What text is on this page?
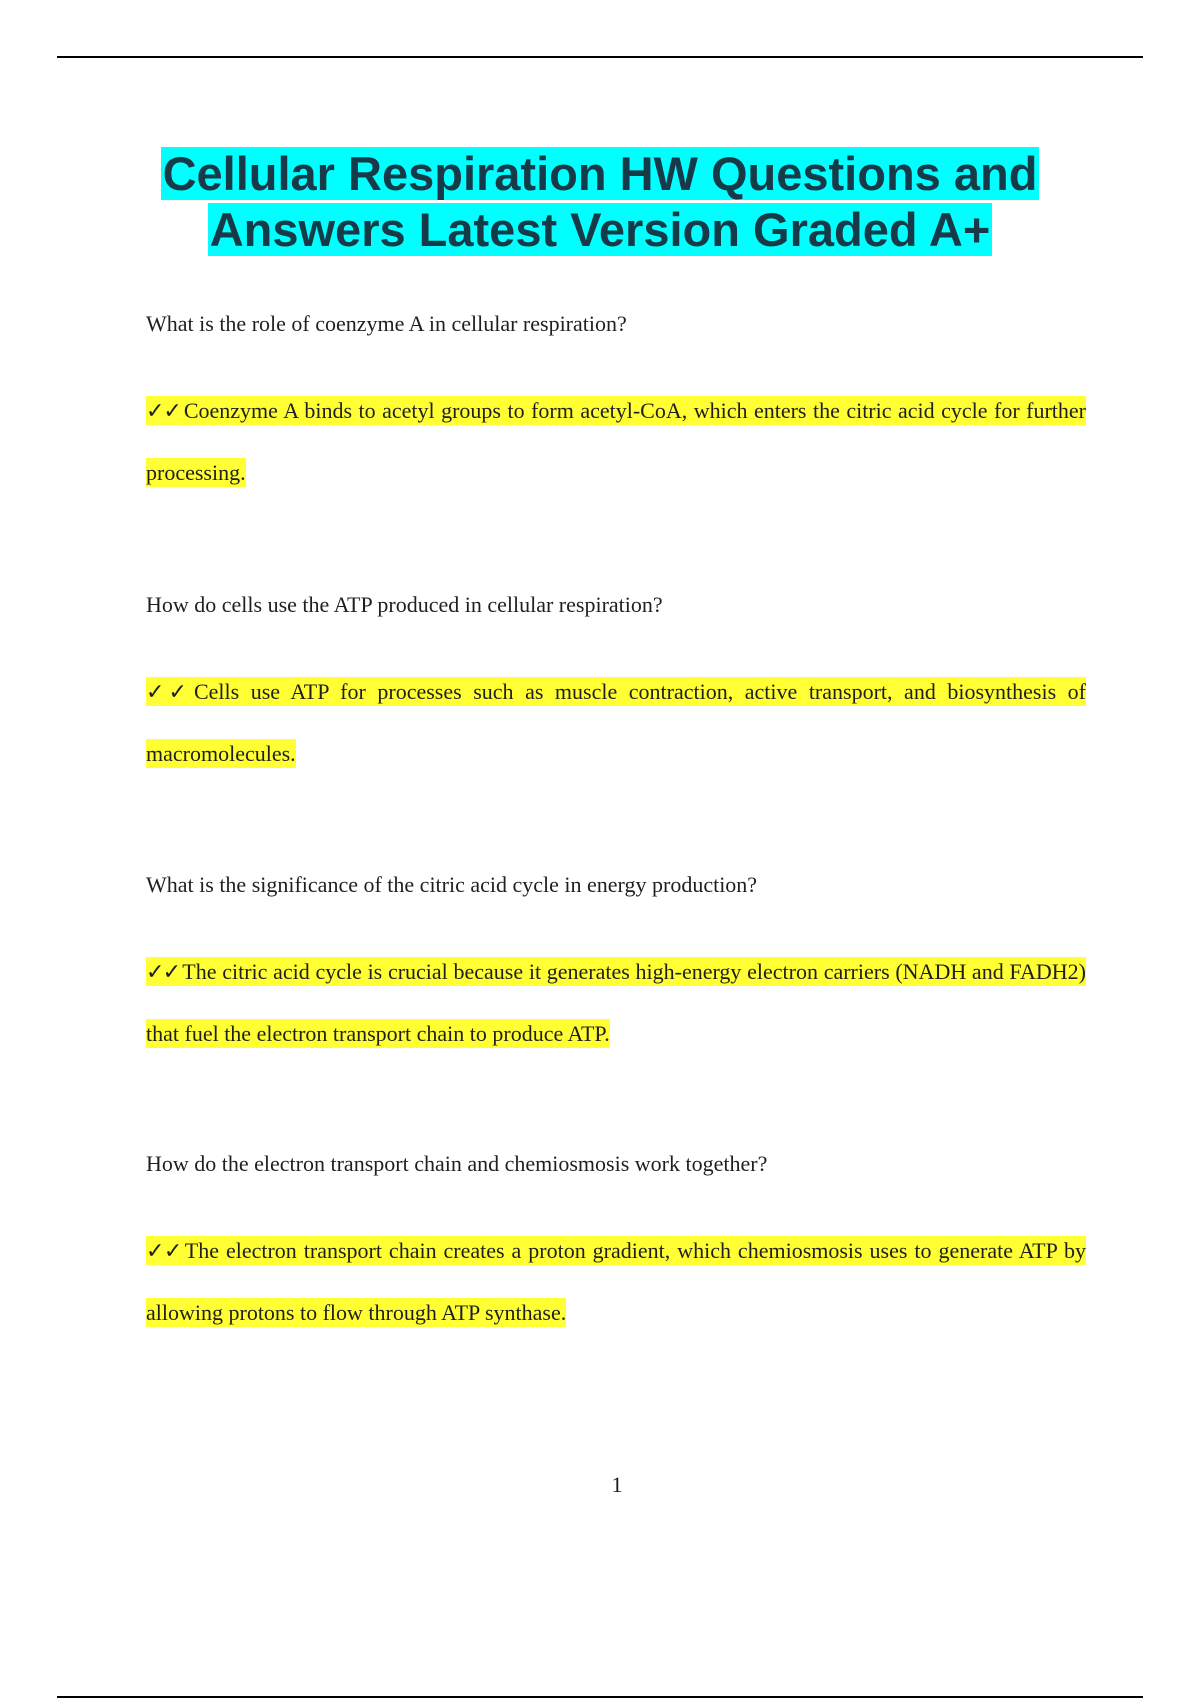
Cellular Respiration HW Questions and Answers Latest Version Graded A+

What is the role of coenzyme A in cellular respiration?

✓✓ Coenzyme A binds to acetyl groups to form acetyl-CoA, which enters the citric acid cycle for further processing.

How do cells use the ATP produced in cellular respiration?

✓✓ Cells use ATP for processes such as muscle contraction, active transport, and biosynthesis of macromolecules.

What is the significance of the citric acid cycle in energy production?

✓✓ The citric acid cycle is crucial because it generates high-energy electron carriers (NADH and FADH2) that fuel the electron transport chain to produce ATP.

How do the electron transport chain and chemiosmosis work together?

✓✓ The electron transport chain creates a proton gradient, which chemiosmosis uses to generate ATP by allowing protons to flow through ATP synthase.
1
